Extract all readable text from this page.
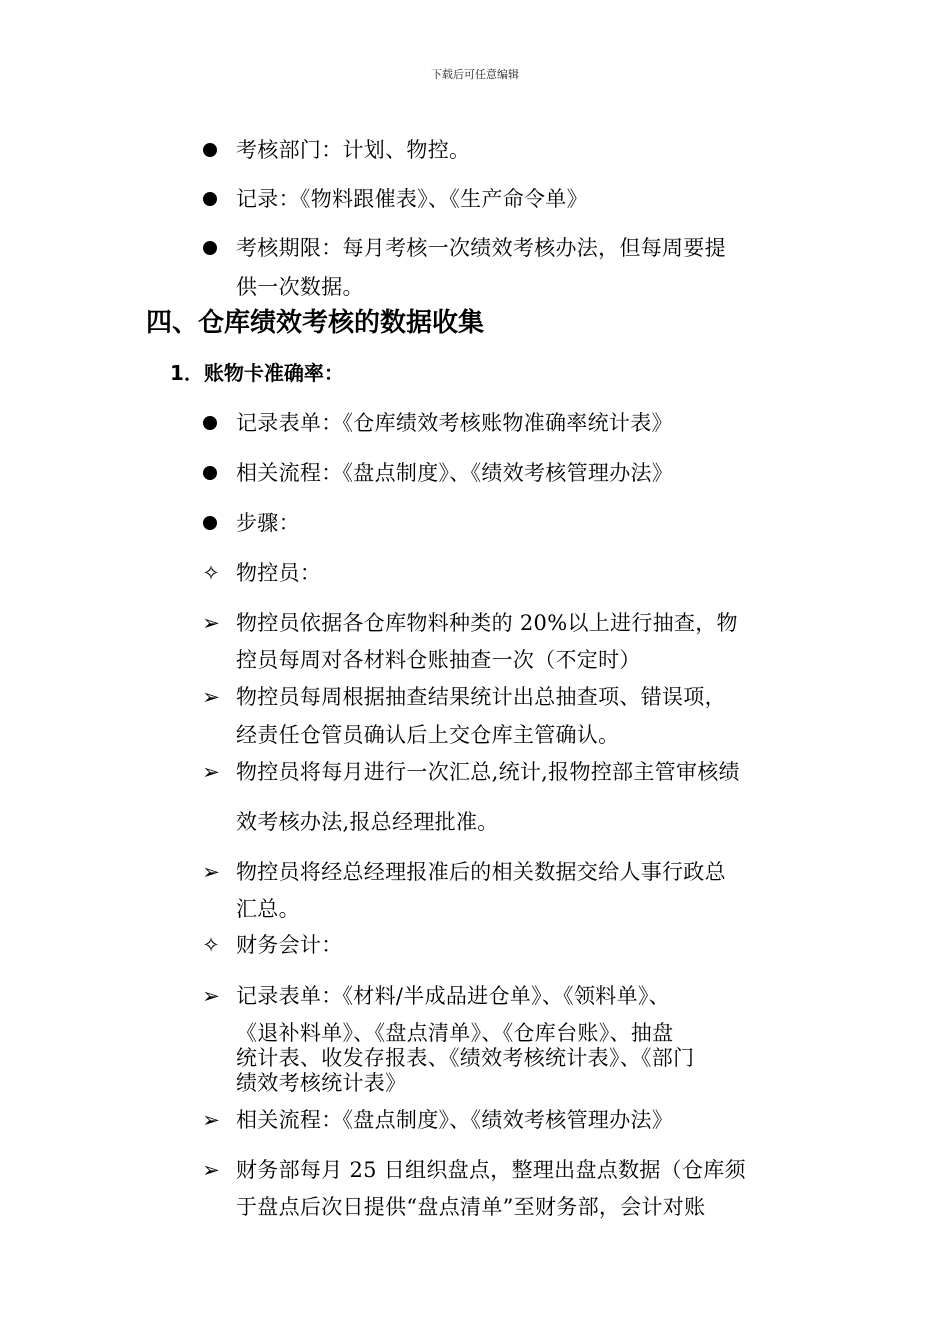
下载后可任意编辑
考核部门：计划、物控。
记录：《物料跟催表》、《生产命令单》
考核期限：每月考核一次绩效考核办法，但每周要提
供一次数据。
四、仓库绩效考核的数据收集
1．账物卡准确率：
记录表单：《仓库绩效考核账物准确率统计表》
相关流程：《盘点制度》、《绩效考核管理办法》
步骤：
✧ 物控员：
➢ 物控员依据各仓库物料种类的 20%以上进行抽查，物
控员每周对各材料仓账抽查一次（不定时）
➢ 物控员每周根据抽查结果统计出总抽查项、错误项，
经责任仓管员确认后上交仓库主管确认。
➢ 物控员将每月进行一次汇总,统计,报物控部主管审核绩
效考核办法,报总经理批准。
➢ 物控员将经总经理报准后的相关数据交给人事行政总
汇总。
✧ 财务会计：
➢ 记录表单：《材料/半成品进仓单》、《领料单》、
《退补料单》、《盘点清单》、《仓库台账》、抽盘
统计表、收发存报表、《绩效考核统计表》、《部门
绩效考核统计表》
➢ 相关流程：《盘点制度》、《绩效考核管理办法》
➢ 财务部每月 25 日组织盘点，整理出盘点数据（仓库须
于盘点后次日提供“盘点清单”至财务部，会计对账
